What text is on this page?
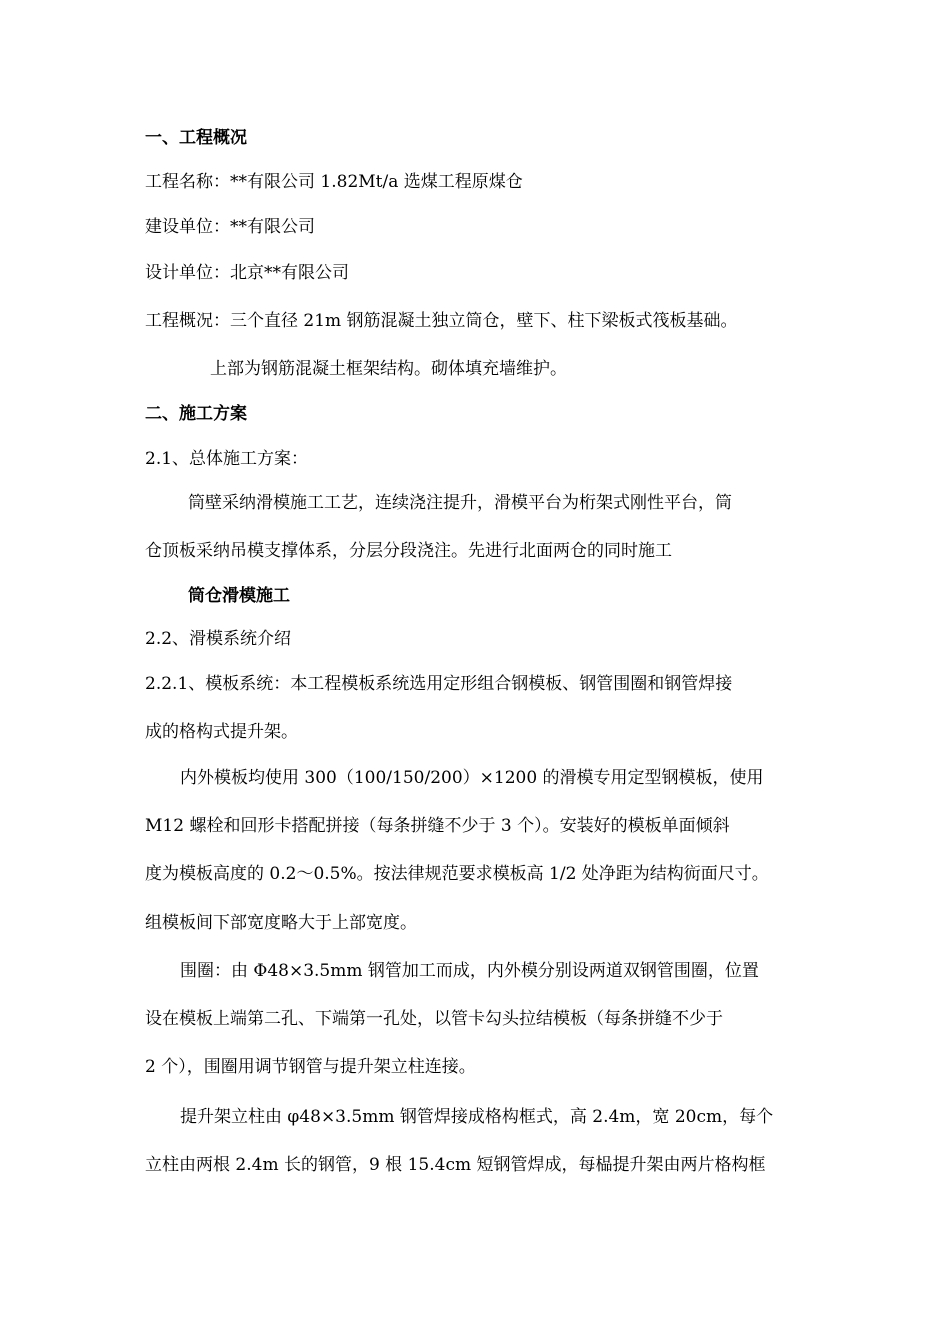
一、工程概况
工程名称：**有限公司 1.82Mt/a 选煤工程原煤仓
建设单位：**有限公司
设计单位：北京**有限公司
工程概况：三个直径 21m 钢筋混凝土独立筒仓，壁下、柱下梁板式筏板基础。
上部为钢筋混凝土框架结构。砌体填充墙维护。
二、施工方案
2.1、总体施工方案：
筒壁采纳滑模施工工艺，连续浇注提升，滑模平台为桁架式刚性平台，筒
仓顶板采纳吊模支撑体系，分层分段浇注。先进行北面两仓的同时施工
筒仓滑模施工
2.2、滑模系统介绍
2.2.1、模板系统：本工程模板系统选用定形组合钢模板、钢管围圈和钢管焊接
成的格构式提升架。
内外模板均使用 300（100/150/200）×1200 的滑模专用定型钢模板，使用
M12 螺栓和回形卡搭配拼接（每条拼缝不少于 3 个）。安装好的模板单面倾斜
度为模板高度的 0.2～0.5%。按法律规范要求模板高 1/2 处净距为结构䘕面尺寸。
组模板间下部宽度略大于上部宽度。
围圈：由 Φ48×3.5mm 钢管加工而成，内外模分别设两道双钢管围圈，位置
设在模板上端第二孔、下端第一孔处，以管卡勾头拉结模板（每条拼缝不少于
2 个），围圈用调节钢管与提升架立柱连接。
提升架立柱由 φ48×3.5mm 钢管焊接成格构框式，高 2.4m，宽 20cm，每个
立柱由两根 2.4m 长的钢管，9 根 15.4cm 短钢管焊成，每榀提升架由两片格构框
